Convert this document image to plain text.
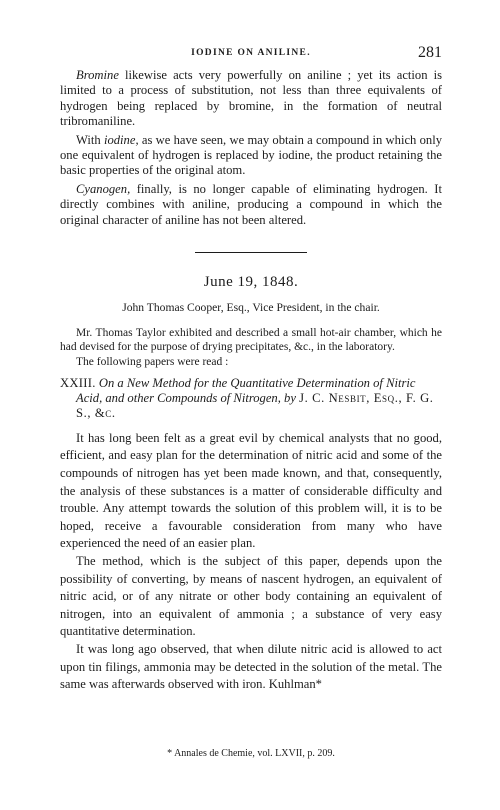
IODINE ON ANILINE.	281

Bromine likewise acts very powerfully on aniline ; yet its action is limited to a process of substitution, not less than three equivalents of hydrogen being replaced by bromine, in the formation of neutral tribromaniline.

With iodine, as we have seen, we may obtain a compound in which only one equivalent of hydrogen is replaced by iodine, the product retaining the basic properties of the original atom.

Cyanogen, finally, is no longer capable of eliminating hydrogen. It directly combines with aniline, producing a compound in which the original character of aniline has not been altered.

June 19, 1848.
John Thomas Cooper, Esq., Vice President, in the chair.

Mr. Thomas Taylor exhibited and described a small hot-air chamber, which he had devised for the purpose of drying precipitates, &c., in the laboratory.

The following papers were read :

XXIII. On a New Method for the Quantitative Determination of Nitric Acid, and other Compounds of Nitrogen, by J. C. Nesbit, Esq., F. G. S., &c.

It has long been felt as a great evil by chemical analysts that no good, efficient, and easy plan for the determination of nitric acid and some of the compounds of nitrogen has yet been made known, and that, consequently, the analysis of these substances is a matter of considerable difficulty and trouble. Any attempt towards the solution of this problem will, it is to be hoped, receive a favourable consideration from many who have experienced the need of an easier plan.

The method, which is the subject of this paper, depends upon the possibility of converting, by means of nascent hydrogen, an equivalent of nitric acid, or of any nitrate or other body containing an equivalent of nitrogen, into an equivalent of ammonia ; a substance of very easy quantitative determination.

It was long ago observed, that when dilute nitric acid is allowed to act upon tin filings, ammonia may be detected in the solution of the metal. The same was afterwards observed with iron. Kuhlman*

* Annales de Chemie, vol. LXVII, p. 209.
